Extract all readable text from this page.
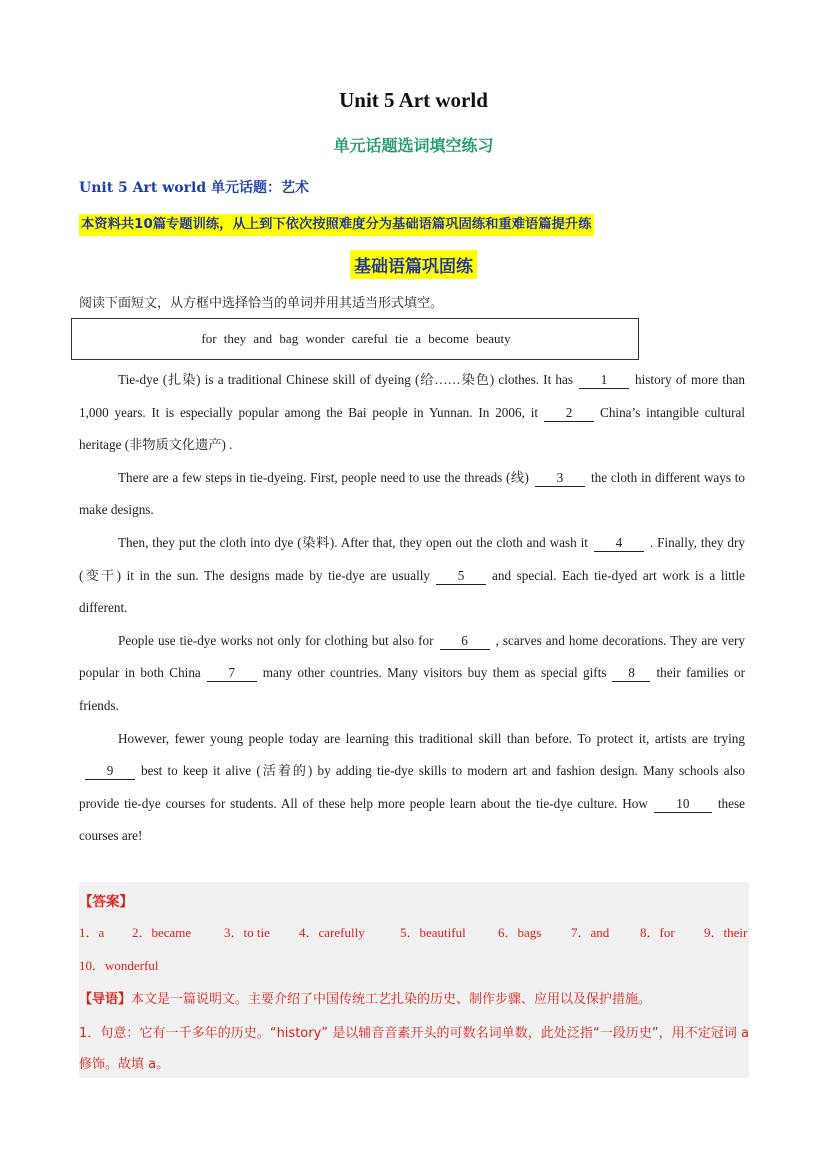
Unit 5 Art world
单元话题选词填空练习
Unit 5 Art world 单元话题：艺术
本资料共10篇专题训练，从上到下依次按照难度分为基础语篇巩固练和重难语篇提升练
基础语篇巩固练
阅读下面短文，从方框中选择恰当的单词并用其适当形式填空。
for they and bag wonder careful tie a become beauty

Tie-dye (扎染) is a traditional Chinese skill of dyeing (给……染色) clothes. It has 1 history of more than 1,000 years. It is especially popular among the Bai people in Yunnan. In 2006, it 2 China’s intangible cultural heritage (非物质文化遗产) .

There are a few steps in tie-dyeing. First, people need to use the threads (线) 3 the cloth in different ways to make designs.

Then, they put the cloth into dye (染料). After that, they open out the cloth and wash it 4 . Finally, they dry (变干) it in the sun. The designs made by tie-dye are usually 5 and special. Each tie-dyed art work is a little different.

People use tie-dye works not only for clothing but also for 6 , scarves and home decorations. They are very popular in both China 7 many other countries. Many visitors buy them as special gifts 8 their families or friends.

However, fewer young people today are learning this traditional skill than before. To protect it, artists are trying9 best to keep it alive (活着的) by adding tie-dye skills to modern art and fashion design. Many schools also provide tie-dye courses for students. All of these help more people learn about the tie-dye culture. How 10 these courses are!

【答案】
1．a 2．became	3．to tie 4．carefully	5．beautiful 6．bags 7．and 8．for 9．their
10．wonderful
【导语】本文是一篇说明文。主要介绍了中国传统工艺扎染的历史、制作步骤、应用以及保护措施。
1．句意：它有一千多年的历史。“history” 是以辅音音素开头的可数名词单数，此处泛指“一段历史”，用不定冠词 a 修饰。故填 a。
